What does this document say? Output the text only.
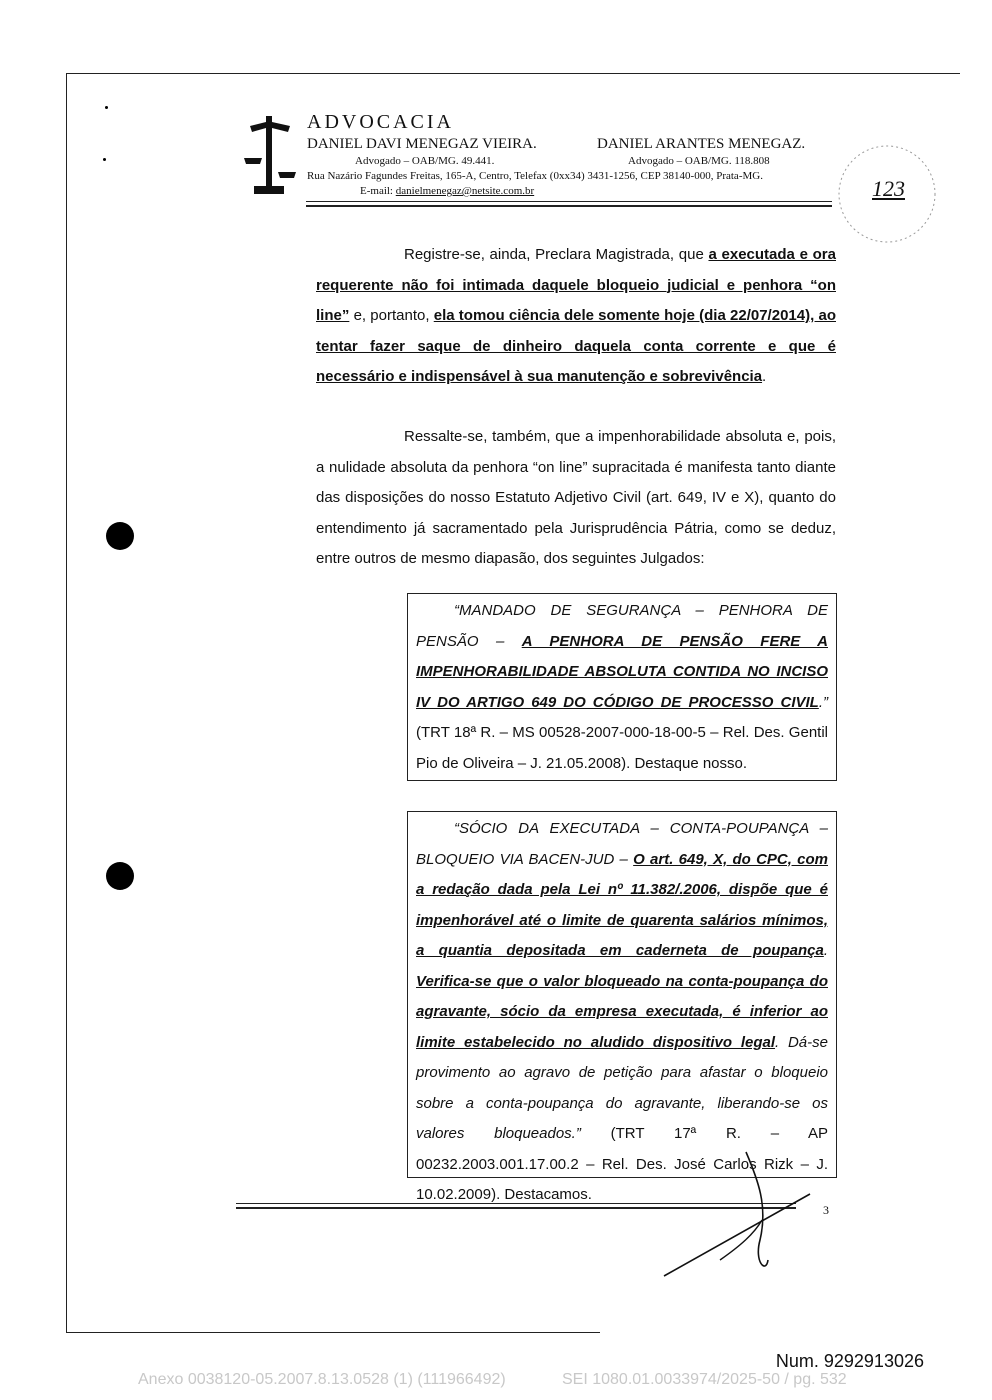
ADVOCACIA
DANIEL DAVI MENEGAZ VIEIRA.	DANIEL ARANTES MENEGAZ.
Advogado – OAB/MG. 49.441.	Advogado – OAB/MG. 118.808
Rua Nazário Fagundes Freitas, 165-A, Centro, Telefax (0xx34) 3431-1256, CEP 38140-000, Prata-MG.
E-mail: danielmenegaz@netsite.com.br	123
Registre-se, ainda, Preclara Magistrada, que a executada e ora requerente não foi intimada daquele bloqueio judicial e penhora “on line” e, portanto, ela tomou ciência dele somente hoje (dia 22/07/2014), ao tentar fazer saque de dinheiro daquela conta corrente e que é necessário e indispensável à sua manutenção e sobrevivência.
Ressalte-se, também, que a impenhorabilidade absoluta e, pois, a nulidade absoluta da penhora “on line” supracitada é manifesta tanto diante das disposições do nosso Estatuto Adjetivo Civil (art. 649, IV e X), quanto do entendimento já sacramentado pela Jurisprudência Pátria, como se deduz, entre outros de mesmo diapasão, dos seguintes Julgados:
“MANDADO DE SEGURANÇA – PENHORA DE PENSÃO – A PENHORA DE PENSÃO FERE A IMPENHORABILIDADE ABSOLUTA CONTIDA NO INCISO IV DO ARTIGO 649 DO CÓDIGO DE PROCESSO CIVIL.” (TRT 18ª R. – MS 00528-2007-000-18-00-5 – Rel. Des. Gentil Pio de Oliveira – J. 21.05.2008). Destaque nosso.
“SÓCIO DA EXECUTADA – CONTA-POUPANÇA – BLOQUEIO VIA BACEN-JUD – O art. 649, X, do CPC, com a redação dada pela Lei nº 11.382/.2006, dispõe que é impenhorável até o limite de quarenta salários mínimos, a quantia depositada em caderneta de poupança. Verifica-se que o valor bloqueado na conta-poupança do agravante, sócio da empresa executada, é inferior ao limite estabelecido no aludido dispositivo legal. Dá-se provimento ao agravo de petição para afastar o bloqueio sobre a conta-poupança do agravante, liberando-se os valores bloqueados.” (TRT 17ª R. – AP 00232.2003.001.17.00.2 – Rel. Des. José Carlos Rizk – J. 10.02.2009). Destacamos.
3
Num. 9292913026
Anexo 0038120-05.2007.8.13.0528 (1) (111966492)	SEI 1080.01.0033974/2025-50 / pg. 532
